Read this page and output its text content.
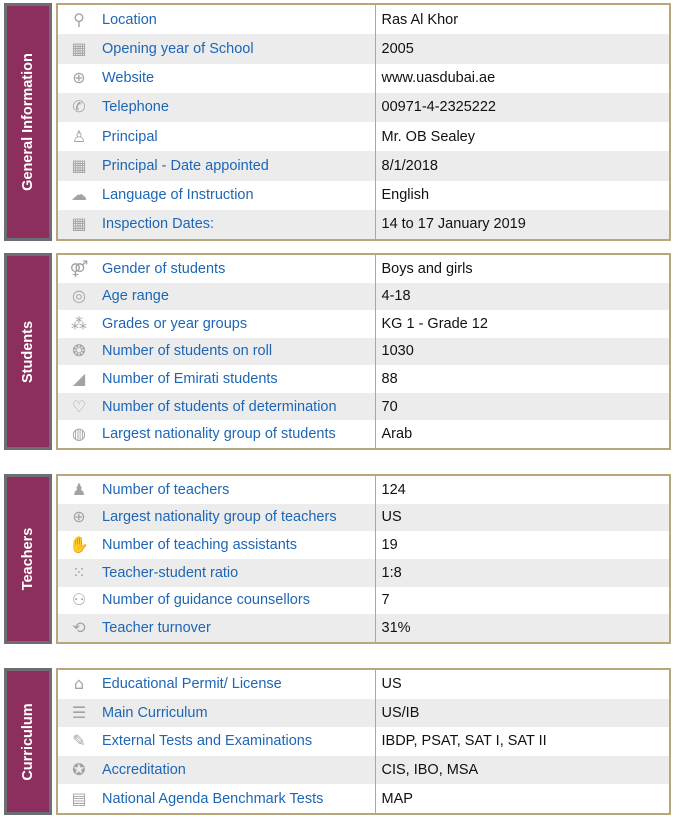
General Information
⚲	Location	Ras Al Khor
▦	Opening year of School	2005
⊕	Website	www.uasdubai.ae
✆	Telephone	00971-4-2325222
♙	Principal	Mr. OB Sealey
▦	Principal - Date appointed	8/1/2018
☁	Language of Instruction	English
▦	Inspection Dates:	14 to 17 January 2019
Students
⚤	Gender of students	Boys and girls
◎	Age range	4-18
⁂	Grades or year groups	KG 1 - Grade 12
❂	Number of students on roll	1030
◢	Number of Emirati students	88
♡	Number of students of determination	70
◍	Largest nationality group of students	Arab
Teachers
♟	Number of teachers	124
⊕	Largest nationality group of teachers	US
✋	Number of teaching assistants	19
⁙	Teacher-student ratio	1:8
⚇	Number of guidance counsellors	7
⟲	Teacher turnover	31%
Curriculum
⌂	Educational Permit/ License	US
☰	Main Curriculum	US/IB
✎	External Tests and Examinations	IBDP, PSAT, SAT I, SAT II
✪	Accreditation	CIS, IBO, MSA
▤	National Agenda Benchmark Tests	MAP
